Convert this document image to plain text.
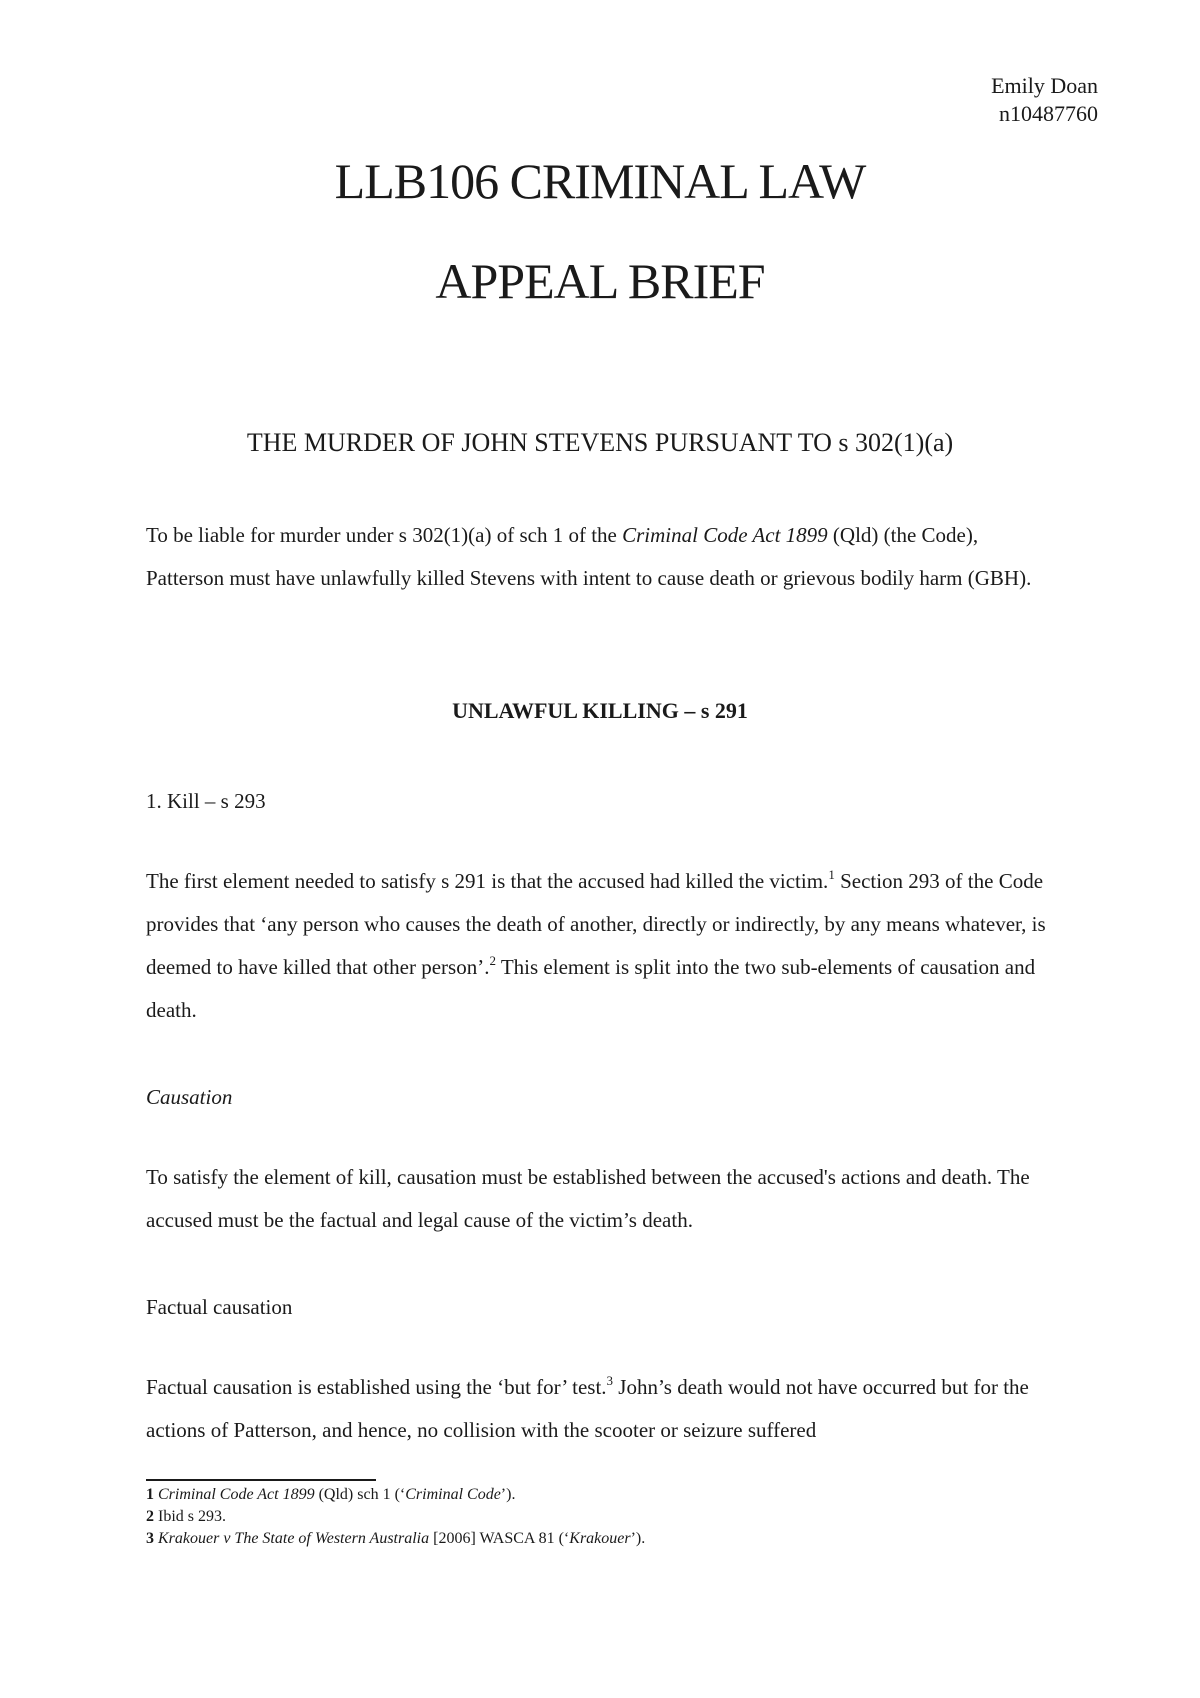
Emily Doan
n10487760
LLB106 CRIMINAL LAW
APPEAL BRIEF
THE MURDER OF JOHN STEVENS PURSUANT TO s 302(1)(a)

To be liable for murder under s 302(1)(a) of sch 1 of the Criminal Code Act 1899 (Qld) (the Code), Patterson must have unlawfully killed Stevens with intent to cause death or grievous bodily harm (GBH).

UNLAWFUL KILLING – s 291

1. Kill – s 293

The first element needed to satisfy s 291 is that the accused had killed the victim.$^1$ Section 293 of the Code provides that ‘any person who causes the death of another, directly or indirectly, by any means whatever, is deemed to have killed that other person’.$^2$ This element is split into the two sub-elements of causation and death.

Causation

To satisfy the element of kill, causation must be established between the accused's actions and death. The accused must be the factual and legal cause of the victim’s death.

Factual causation

Factual causation is established using the ‘but for’ test.$^3$ John’s death would not have occurred but for the actions of Patterson, and hence, no collision with the scooter or seizure suffered

1 Criminal Code Act 1899 (Qld) sch 1 (‘Criminal Code’).
2 Ibid s 293.
3 Krakouer v The State of Western Australia [2006] WASCA 81 (‘Krakouer’).
